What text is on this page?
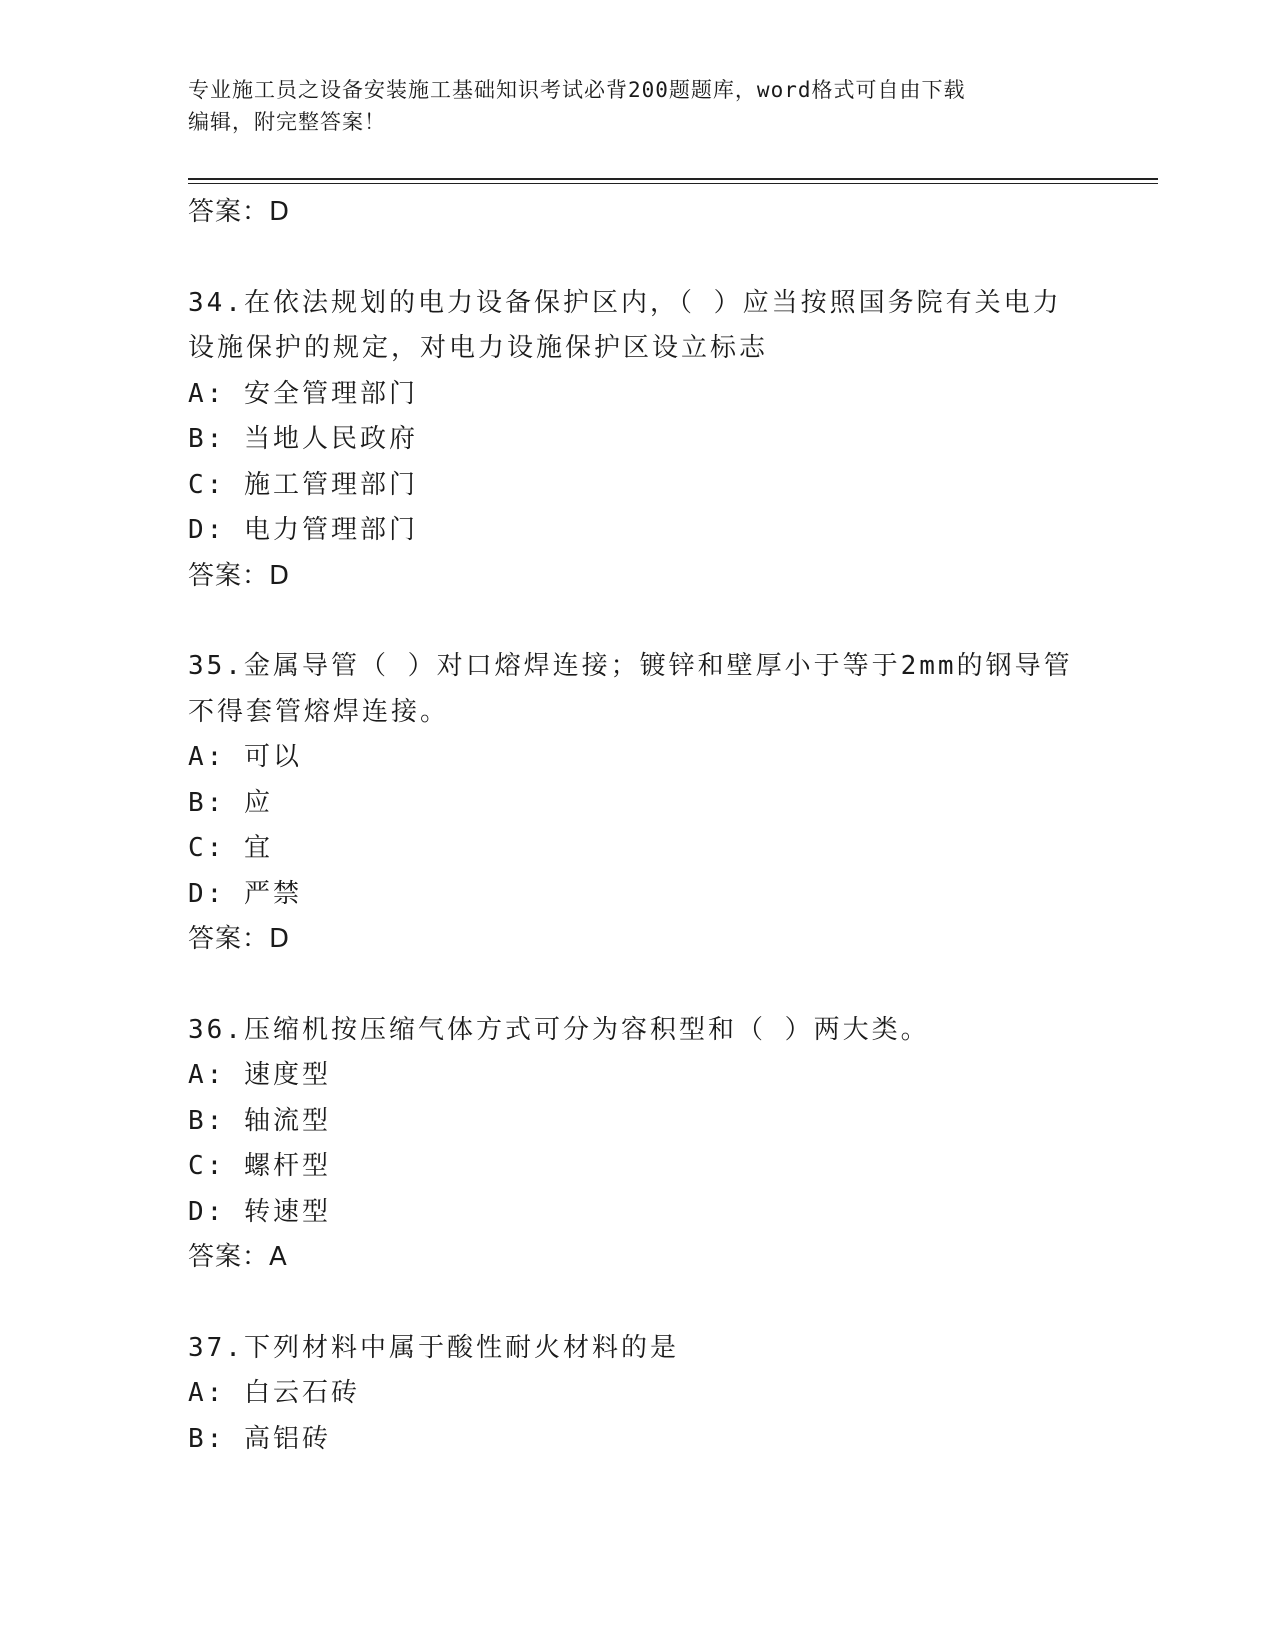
专业施工员之设备安装施工基础知识考试必背200题题库，word格式可自由下载
编辑，附完整答案！
答案：D
34.在依法规划的电力设备保护区内，（ ）应当按照国务院有关电力
设施保护的规定，对电力设施保护区设立标志
A: 安全管理部门
B: 当地人民政府
C: 施工管理部门
D: 电力管理部门
答案：D
35.金属导管（ ）对口熔焊连接；镀锌和壁厚小于等于2mm的钢导管
不得套管熔焊连接。
A: 可以
B: 应
C: 宜
D: 严禁
答案：D
36.压缩机按压缩气体方式可分为容积型和（ ）两大类。
A: 速度型
B: 轴流型
C: 螺杆型
D: 转速型
答案：A
37.下列材料中属于酸性耐火材料的是
A: 白云石砖
B: 高铝砖
